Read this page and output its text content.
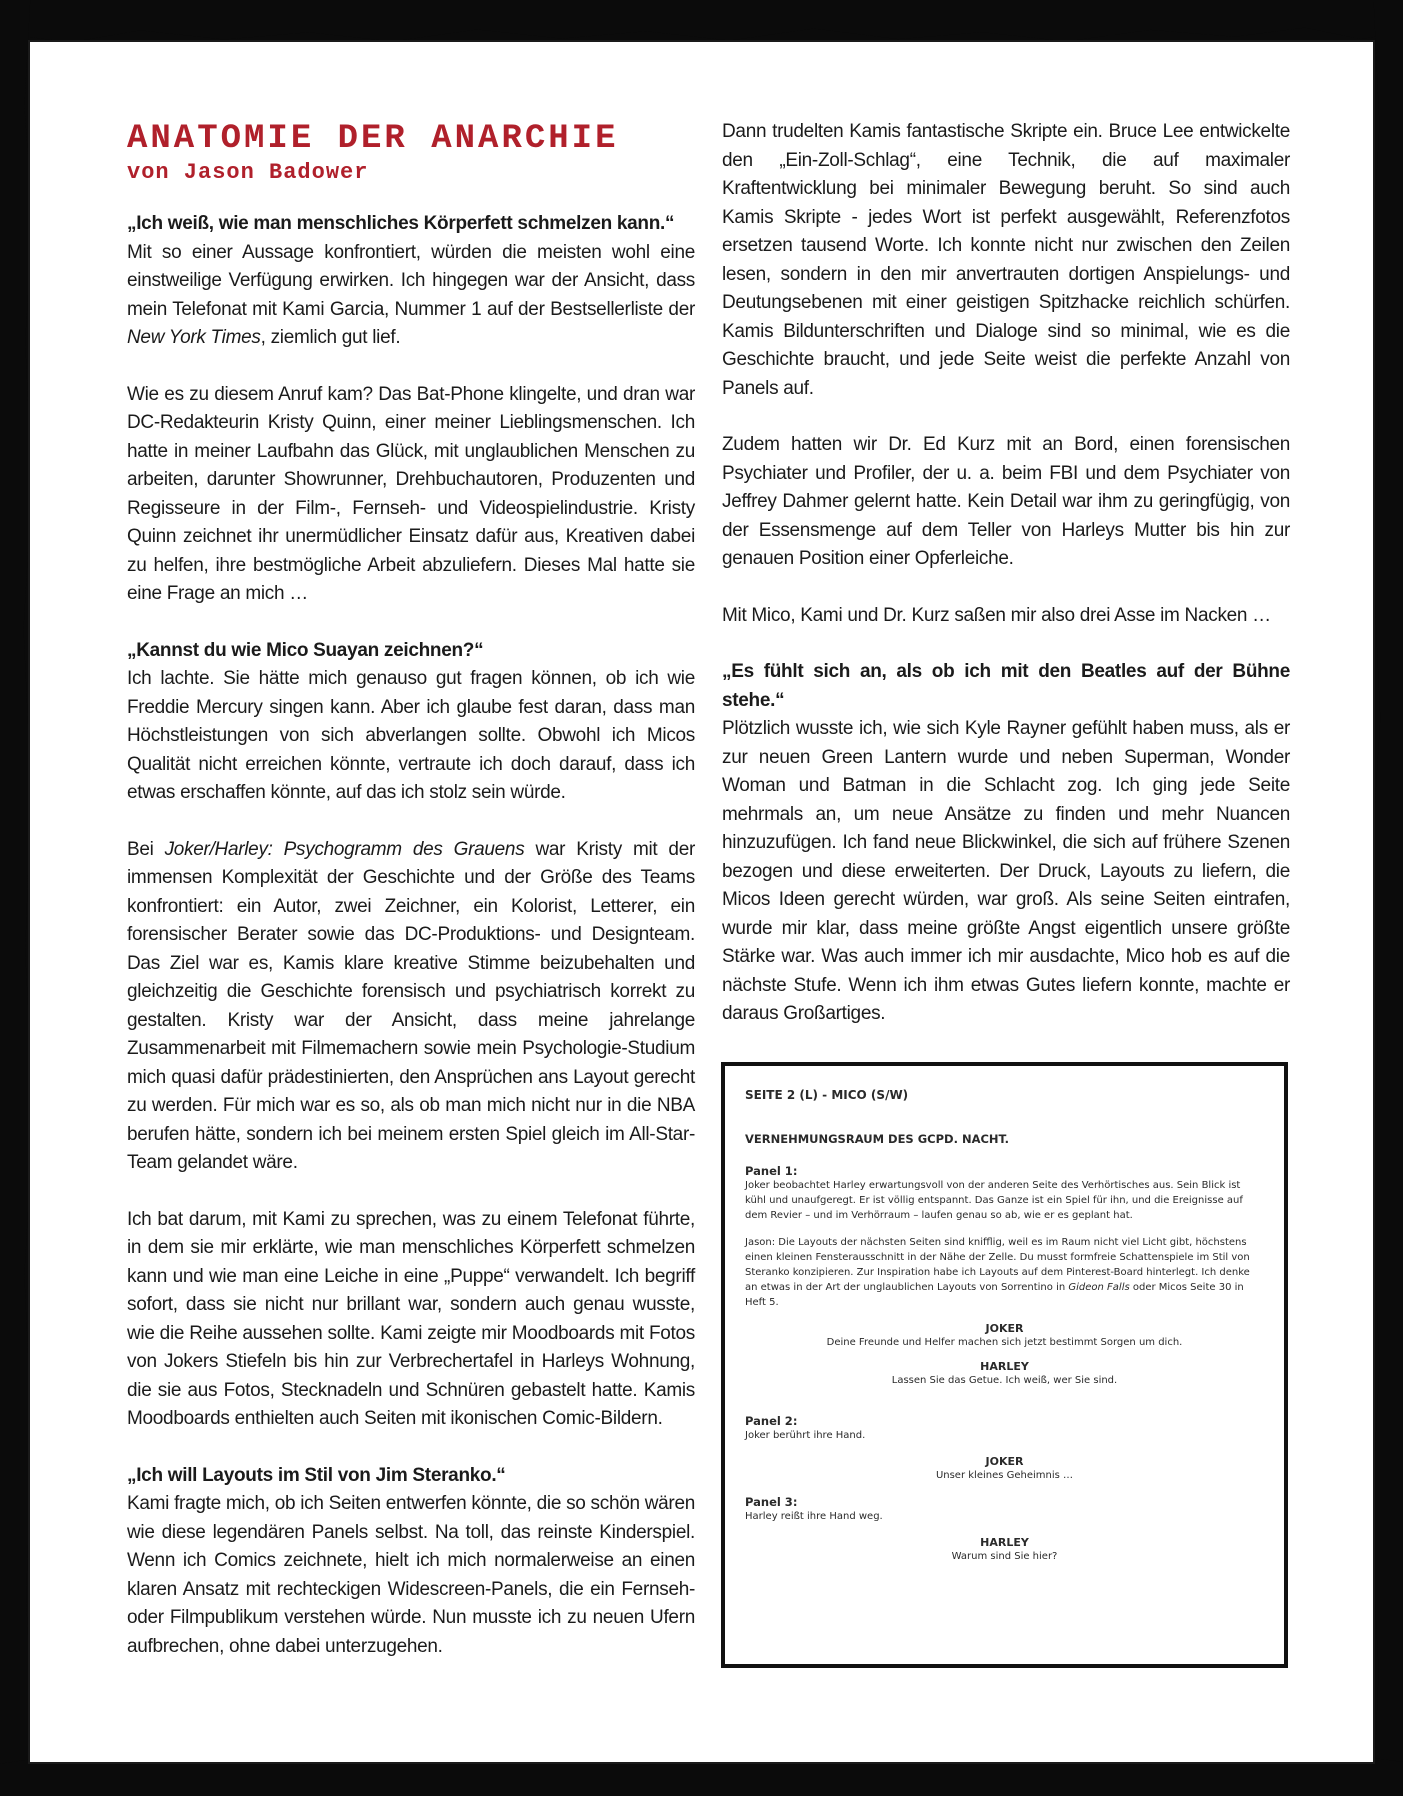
ANATOMIE DER ANARCHIE
von Jason Badower

„Ich weiß, wie man menschliches Körperfett schmelzen kann.“

Mit so einer Aussage konfrontiert, würden die meisten wohl eine einstweilige Verfügung erwirken. Ich hingegen war der Ansicht, dass mein Telefonat mit Kami Garcia, Nummer 1 auf der Bestsellerliste der New York Times, ziemlich gut lief.

Wie es zu diesem Anruf kam? Das Bat-Phone klingelte, und dran war DC-Redakteurin Kristy Quinn, einer meiner Lieblingsmenschen. Ich hatte in meiner Laufbahn das Glück, mit unglaublichen Menschen zu arbeiten, darunter Showrunner, Drehbuchautoren, Produzenten und Regisseure in der Film-, Fernseh- und Videospielindustrie. Kristy Quinn zeichnet ihr unermüdlicher Einsatz dafür aus, Kreativen dabei zu helfen, ihre bestmögliche Arbeit abzuliefern. Dieses Mal hatte sie eine Frage an mich …

„Kannst du wie Mico Suayan zeichnen?“

Ich lachte. Sie hätte mich genauso gut fragen können, ob ich wie Freddie Mercury singen kann. Aber ich glaube fest daran, dass man Höchstleistungen von sich abverlangen sollte. Obwohl ich Micos Qualität nicht erreichen könnte, vertraute ich doch darauf, dass ich etwas erschaffen könnte, auf das ich stolz sein würde.

Bei Joker/Harley: Psychogramm des Grauens war Kristy mit der immensen Komplexität der Geschichte und der Größe des Teams konfrontiert: ein Autor, zwei Zeichner, ein Kolorist, Letterer, ein forensischer Berater sowie das DC-Produktions- und Designteam. Das Ziel war es, Kamis klare kreative Stimme beizubehalten und gleichzeitig die Geschichte forensisch und psychiatrisch korrekt zu gestalten. Kristy war der Ansicht, dass meine jahrelange Zusammenarbeit mit Filmemachern sowie mein Psychologie-Studium mich quasi dafür prädestinierten, den Ansprüchen ans Layout gerecht zu werden. Für mich war es so, als ob man mich nicht nur in die NBA berufen hätte, sondern ich bei meinem ersten Spiel gleich im All-Star-Team gelandet wäre.

Ich bat darum, mit Kami zu sprechen, was zu einem Telefonat führte, in dem sie mir erklärte, wie man menschliches Körperfett schmelzen kann und wie man eine Leiche in eine „Puppe“ verwandelt. Ich begriff sofort, dass sie nicht nur brillant war, sondern auch genau wusste, wie die Reihe aussehen sollte. Kami zeigte mir Moodboards mit Fotos von Jokers Stiefeln bis hin zur Verbrechertafel in Harleys Wohnung, die sie aus Fotos, Stecknadeln und Schnüren gebastelt hatte. Kamis Moodboards enthielten auch Seiten mit ikonischen Comic-Bildern.

„Ich will Layouts im Stil von Jim Steranko.“

Kami fragte mich, ob ich Seiten entwerfen könnte, die so schön wären wie diese legendären Panels selbst. Na toll, das reinste Kinderspiel. Wenn ich Comics zeichnete, hielt ich mich normalerweise an einen klaren Ansatz mit rechteckigen Widescreen-Panels, die ein Fernseh- oder Filmpublikum verstehen würde. Nun musste ich zu neuen Ufern aufbrechen, ohne dabei unterzugehen.

Dann trudelten Kamis fantastische Skripte ein. Bruce Lee entwickelte den „Ein-Zoll-Schlag“, eine Technik, die auf maximaler Kraftentwicklung bei minimaler Bewegung beruht. So sind auch Kamis Skripte - jedes Wort ist perfekt ausgewählt, Referenzfotos ersetzen tausend Worte. Ich konnte nicht nur zwischen den Zeilen lesen, sondern in den mir anvertrauten dortigen Anspielungs- und Deutungsebenen mit einer geistigen Spitzhacke reichlich schürfen. Kamis Bildunterschriften und Dialoge sind so minimal, wie es die Geschichte braucht, und jede Seite weist die perfekte Anzahl von Panels auf.

Zudem hatten wir Dr. Ed Kurz mit an Bord, einen forensischen Psychiater und Profiler, der u. a. beim FBI und dem Psychiater von Jeffrey Dahmer gelernt hatte. Kein Detail war ihm zu geringfügig, von der Essensmenge auf dem Teller von Harleys Mutter bis hin zur genauen Position einer Opferleiche.

Mit Mico, Kami und Dr. Kurz saßen mir also drei Asse im Nacken …

„Es fühlt sich an, als ob ich mit den Beatles auf der Bühne stehe.“

Plötzlich wusste ich, wie sich Kyle Rayner gefühlt haben muss, als er zur neuen Green Lantern wurde und neben Superman, Wonder Woman und Batman in die Schlacht zog. Ich ging jede Seite mehrmals an, um neue Ansätze zu finden und mehr Nuancen hinzuzufügen. Ich fand neue Blickwinkel, die sich auf frühere Szenen bezogen und diese erweiterten. Der Druck, Layouts zu liefern, die Micos Ideen gerecht würden, war groß. Als seine Seiten eintrafen, wurde mir klar, dass meine größte Angst eigentlich unsere größte Stärke war. Was auch immer ich mir ausdachte, Mico hob es auf die nächste Stufe. Wenn ich ihm etwas Gutes liefern konnte, machte er daraus Großartiges.

SEITE 2 (L) - MICO (S/W)
VERNEHMUNGSRAUM DES GCPD. NACHT.
Panel 1:
Joker beobachtet Harley erwartungsvoll von der anderen Seite des Verhörtisches aus. Sein Blick ist kühl und unaufgeregt. Er ist völlig entspannt. Das Ganze ist ein Spiel für ihn, und die Ereignisse auf dem Revier – und im Verhörraum – laufen genau so ab, wie er es geplant hat.
Jason: Die Layouts der nächsten Seiten sind knifflig, weil es im Raum nicht viel Licht gibt, höchstens einen kleinen Fensterausschnitt in der Nähe der Zelle. Du musst formfreie Schattenspiele im Stil von Steranko konzipieren. Zur Inspiration habe ich Layouts auf dem Pinterest-Board hinterlegt. Ich denke an etwas in der Art der unglaublichen Layouts von Sorrentino in Gideon Falls oder Micos Seite 30 in Heft 5.
JOKER
Deine Freunde und Helfer machen sich jetzt bestimmt Sorgen um dich.
HARLEY
Lassen Sie das Getue. Ich weiß, wer Sie sind.
Panel 2:
Joker berührt ihre Hand.
JOKER
Unser kleines Geheimnis …
Panel 3:
Harley reißt ihre Hand weg.
HARLEY
Warum sind Sie hier?
